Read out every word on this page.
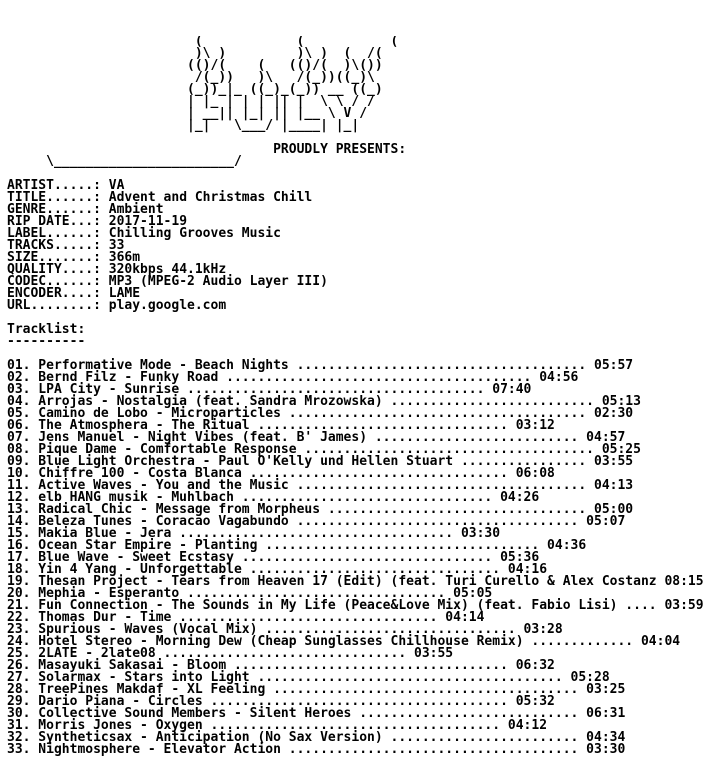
(            (           (
)\ )         )\ )  (  /(
(()/(    (   (()/(  )\())
/(_))   )\   /(_))((_)\
(_))_|_ ((_)_(_)) __ ((_)
| |_ | | | || |  \ \ / /
| __|| |_| || |__ \ V /
|_|   \___/ |____| |_|
PROUDLY PRESENTS:
\_______________________/
ARTIST.....: VA
TITLE......: Advent and Christmas Chill
GENRE......: Ambient
RIP DATE...: 2017-11-19
LABEL......: Chilling Grooves Music
TRACKS.....: 33
SIZE.......: 366m
QUALITY....: 320kbps 44.1kHz
CODEC......: MP3 (MPEG-2 Audio Layer III)
ENCODER....: LAME
URL........: play.google.com
Tracklist:
----------
01. Performative Mode - Beach Nights ..................................... 05:57
02. Bernd Filz - Funky Road ....................................... 04:56
03. LPA City - Sunrise ...................................... 07:40
04. Arrojas - Nostalgia (feat. Sandra Mrozowska) .......................... 05:13
05. Camino de Lobo - Microparticles ...................................... 02:30
06. The Atmosphera - The Ritual ................................ 03:12
07. Jens Manuel - Night Vibes (feat. B' James) .......................... 04:57
08. Pique Dame - Comfortable Response ..................................... 05:25
09. Blue Light Orchestra - Paul O'Kelly und Hellen Stuart ................ 03:55
10. Chiffre 100 - Costa Blanca ................................. 06:08
11. Active Waves - You and the Music ..................................... 04:13
12. elb HANG musik - Muhlbach ................................ 04:26
13. Radical Chic - Message from Morpheus ................................. 05:00
14. Beleza Tunes - Coracao Vagabundo .................................... 05:07
15. Makia Blue - Jera ................................... 03:30
16. Ocean Star Empire - Planting ................................... 04:36
17. Blue Wave - Sweet Ecstasy ................................ 05:36
18. Yin 4 Yang - Unforgettable ................................ 04:16
19. Thesan Project - Tears from Heaven 17 (Edit) (feat. Turi Curello & Alex Costanz 08:15
20. Mephia - Esperanto ................................. 05:05
21. Fun Connection - The Sounds in My Life (Peace&Love Mix) (feat. Fabio Lisi) .... 03:59
22. Thomas Dur - Time ................................. 04:14
23. Spurious - Waves (Vocal Mix) ................................ 03:28
24. Hotel Stereo - Morning Dew (Cheap Sunglasses Chillhouse Remix) ............. 04:04
25. 2LATE - 2late08 ............................... 03:55
26. Masayuki Sakasai - Bloom ................................... 06:32
27. Solarmax - Stars into Light ....................................... 05:28
28. TreePines Makdaf - XL Feeling ....................................... 03:25
29. Dario Piana - Circles ...................................... 05:32
30. Collective Sound Members - Silent Heroes ............................ 06:31
31. Morris Jones - Oxygen ..................................... 04:12
32. Syntheticsax - Anticipation (No Sax Version) ........................ 04:34
33. Nightmosphere - Elevator Action ..................................... 03:30
